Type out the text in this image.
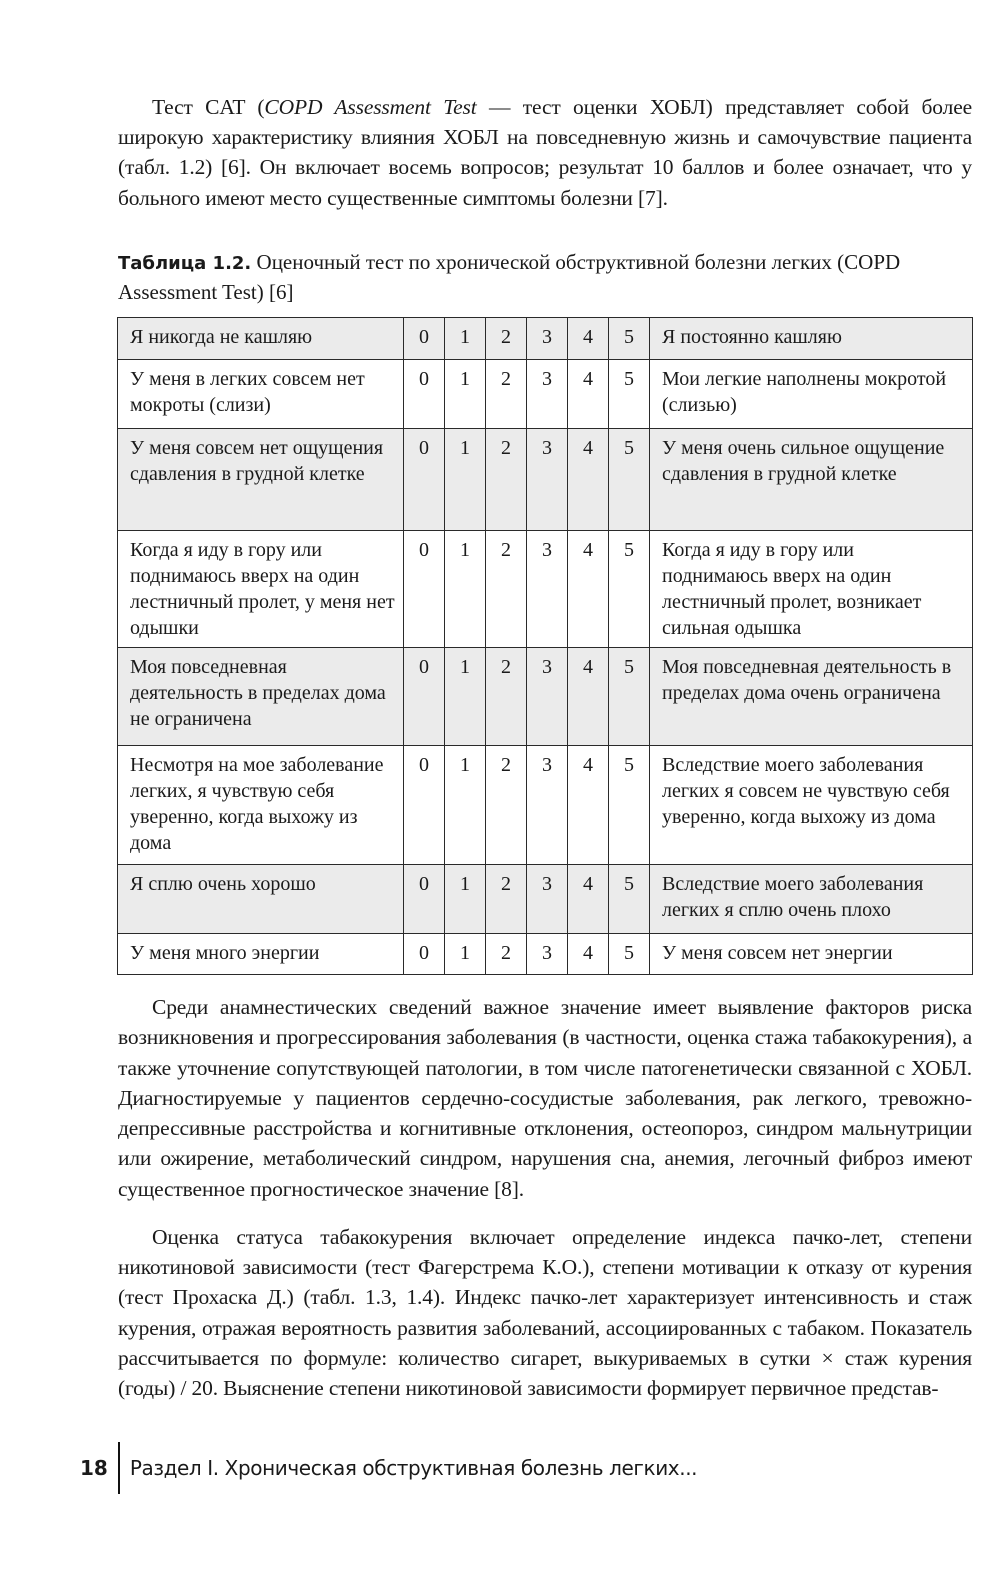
Тест CAT (COPD Assessment Test — тест оценки ХОБЛ) представляет собой более широкую характеристику влияния ХОБЛ на повседневную жизнь и самочувствие пациента (табл. 1.2) [6]. Он включает восемь вопросов; результат 10 баллов и более означает, что у больного имеют место существенные симптомы болезни [7].

Таблица 1.2. Оценочный тест по хронической обструктивной болезни легких (COPD Assessment Test) [6]

Я никогда не кашляю	0	1	2	3	4	5	Я постоянно кашляю
У меня в легких совсем нет мокроты (слизи)	0	1	2	3	4	5	Мои легкие наполнены мокротой (слизью)
У меня совсем нет ощущения сдавления в грудной клетке	0	1	2	3	4	5	У меня очень сильное ощущение сдавления в грудной клетке
Когда я иду в гору или поднимаюсь вверх на один лестничный пролет, у меня нет одышки	0	1	2	3	4	5	Когда я иду в гору или поднимаюсь вверх на один лестничный пролет, возникает сильная одышка
Моя повседневная деятельность в пределах дома не ограничена	0	1	2	3	4	5	Моя повседневная деятельность в пределах дома очень ограничена
Несмотря на мое заболевание легких, я чувствую себя уверенно, когда выхожу из дома	0	1	2	3	4	5	Вследствие моего заболевания легких я совсем не чувствую себя уверенно, когда выхожу из дома
Я сплю очень хорошо	0	1	2	3	4	5	Вследствие моего заболевания легких я сплю очень плохо
У меня много энергии	0	1	2	3	4	5	У меня совсем нет энергии

Среди анамнестических сведений важное значение имеет выявление факторов риска возникновения и прогрессирования заболевания (в частности, оценка стажа табакокурения), а также уточнение сопутствующей патологии, в том числе патогенетически связанной с ХОБЛ. Диагностируемые у пациентов сердечно-сосудистые заболевания, рак легкого, тревожно-депрессивные расстройства и когнитивные отклонения, остеопороз, синдром мальнутриции или ожирение, метаболический синдром, нарушения сна, анемия, легочный фиброз имеют существенное прогностическое значение [8].

Оценка статуса табакокурения включает определение индекса пачко-лет, степени никотиновой зависимости (тест Фагерстрема К.О.), степени мотивации к отказу от курения (тест Прохаска Д.) (табл. 1.3, 1.4). Индекс пачко-лет характеризует интенсивность и стаж курения, отражая вероятность развития заболеваний, ассоциированных с табаком. Показатель рассчитывается по формуле: количество сигарет, выкуриваемых в сутки × стаж курения (годы) / 20. Выяснение степени никотиновой зависимости формирует первичное представ-

18 Раздел I. Хроническая обструктивная болезнь легких...
